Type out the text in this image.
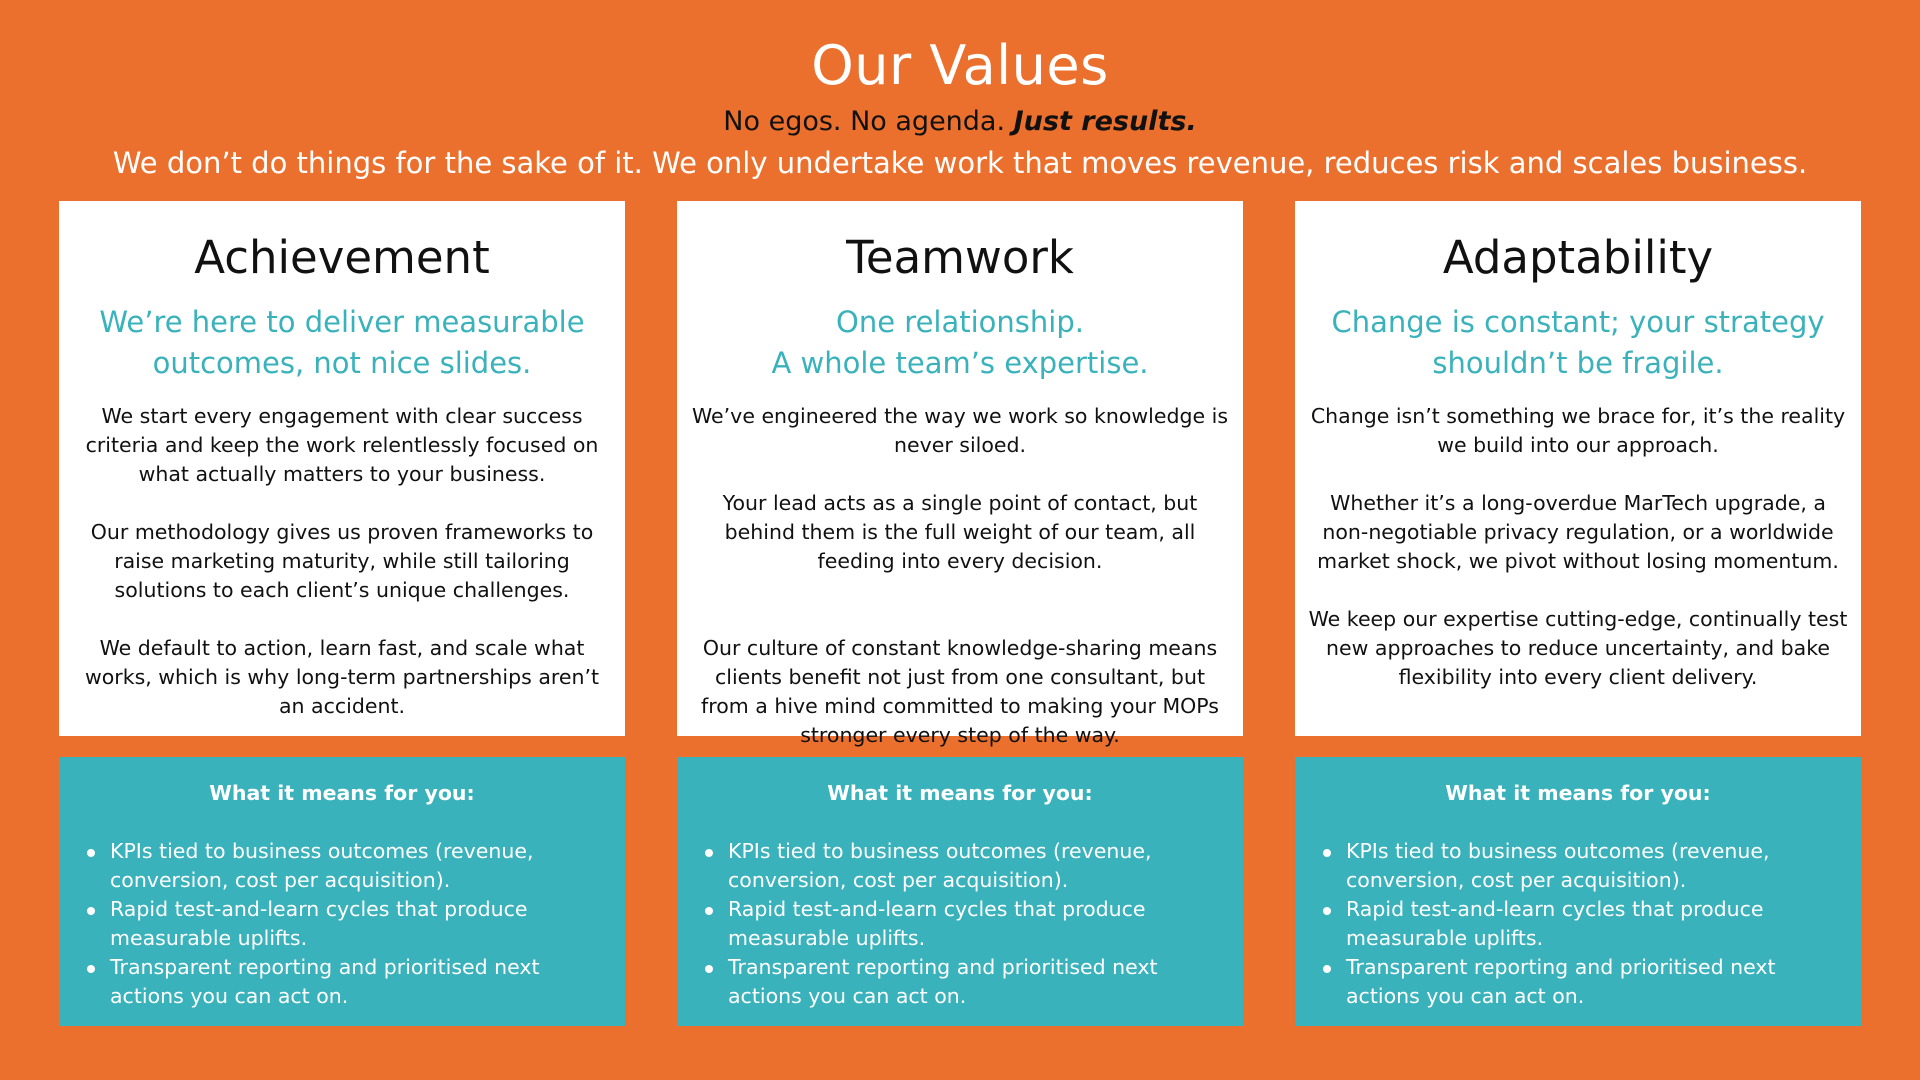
Our Values
No egos. No agenda. Just results.
We don’t do things for the sake of it. We only undertake work that moves revenue, reduces risk and scales business.
Achievement
We’re here to deliver measurable
outcomes, not nice slides.

We start every engagement with clear success criteria and keep the work relentlessly focused on what actually matters to your business.

Our methodology gives us proven frameworks to raise marketing maturity, while still tailoring solutions to each client’s unique challenges.

We default to action, learn fast, and scale what works, which is why long-term partnerships aren’t an accident.

What it means for you:
KPIs tied to business outcomes (revenue, conversion, cost per acquisition).
Rapid test-and-learn cycles that produce measurable uplifts.
Transparent reporting and prioritised next actions you can act on.
Teamwork
One relationship.
A whole team’s expertise.

We’ve engineered the way we work so knowledge is never siloed.

Your lead acts as a single point of contact, but behind them is the full weight of our team, all feeding into every decision.

Our culture of constant knowledge-sharing means clients benefit not just from one consultant, but from a hive mind committed to making your MOPs stronger every step of the way.

What it means for you:
KPIs tied to business outcomes (revenue, conversion, cost per acquisition).
Rapid test-and-learn cycles that produce measurable uplifts.
Transparent reporting and prioritised next actions you can act on.
Adaptability
Change is constant; your strategy
shouldn’t be fragile.

Change isn’t something we brace for, it’s the reality we build into our approach.

Whether it’s a long-overdue MarTech upgrade, a non-negotiable privacy regulation, or a worldwide market shock, we pivot without losing momentum.

We keep our expertise cutting-edge, continually test new approaches to reduce uncertainty, and bake flexibility into every client delivery.

What it means for you:
KPIs tied to business outcomes (revenue, conversion, cost per acquisition).
Rapid test-and-learn cycles that produce measurable uplifts.
Transparent reporting and prioritised next actions you can act on.
